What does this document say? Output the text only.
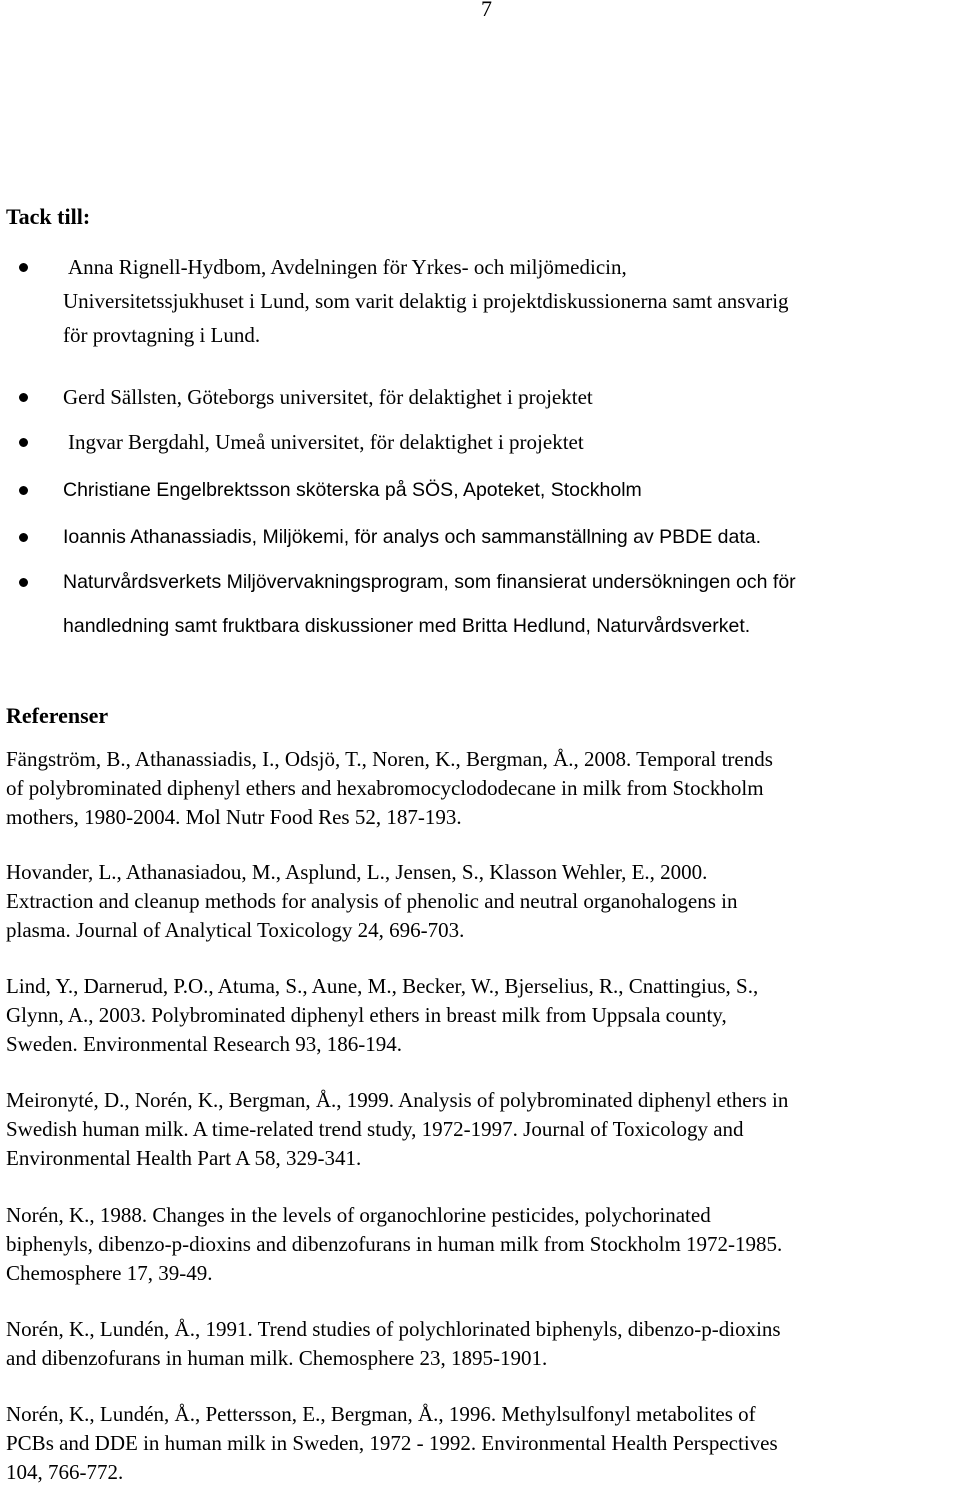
7
Tack till:
Anna Rignell-Hydbom, Avdelningen för Yrkes- och miljömedicin,
Universitetssjukhuset i Lund, som varit delaktig i projektdiskussionerna samt ansvarig
för provtagning i Lund.
Gerd Sällsten, Göteborgs universitet, för delaktighet i projektet
Ingvar Bergdahl, Umeå universitet, för delaktighet i projektet
Christiane Engelbrektsson sköterska på SÖS, Apoteket, Stockholm
Ioannis Athanassiadis, Miljökemi, för analys och sammanställning av PBDE data.
Naturvårdsverkets Miljövervakningsprogram, som finansierat undersökningen och för
handledning samt fruktbara diskussioner med Britta Hedlund, Naturvårdsverket.
Referenser
Fängström, B., Athanassiadis, I., Odsjö, T., Noren, K., Bergman, Å., 2008. Temporal trends
of polybrominated diphenyl ethers and hexabromocyclododecane in milk from Stockholm
mothers, 1980-2004. Mol Nutr Food Res 52, 187-193.
Hovander, L., Athanasiadou, M., Asplund, L., Jensen, S., Klasson Wehler, E., 2000.
Extraction and cleanup methods for analysis of phenolic and neutral organohalogens in
plasma. Journal of Analytical Toxicology 24, 696-703.
Lind, Y., Darnerud, P.O., Atuma, S., Aune, M., Becker, W., Bjerselius, R., Cnattingius, S.,
Glynn, A., 2003. Polybrominated diphenyl ethers in breast milk from Uppsala county,
Sweden. Environmental Research 93, 186-194.
Meironyté, D., Norén, K., Bergman, Å., 1999. Analysis of polybrominated diphenyl ethers in
Swedish human milk. A time-related trend study, 1972-1997. Journal of Toxicology and
Environmental Health Part A 58, 329-341.
Norén, K., 1988. Changes in the levels of organochlorine pesticides, polychorinated
biphenyls, dibenzo-p-dioxins and dibenzofurans in human milk from Stockholm 1972-1985.
Chemosphere 17, 39-49.
Norén, K., Lundén, Å., 1991. Trend studies of polychlorinated biphenyls, dibenzo-p-dioxins
and dibenzofurans in human milk. Chemosphere 23, 1895-1901.
Norén, K., Lundén, Å., Pettersson, E., Bergman, Å., 1996. Methylsulfonyl metabolites of
PCBs and DDE in human milk in Sweden, 1972 - 1992. Environmental Health Perspectives
104, 766-772.
